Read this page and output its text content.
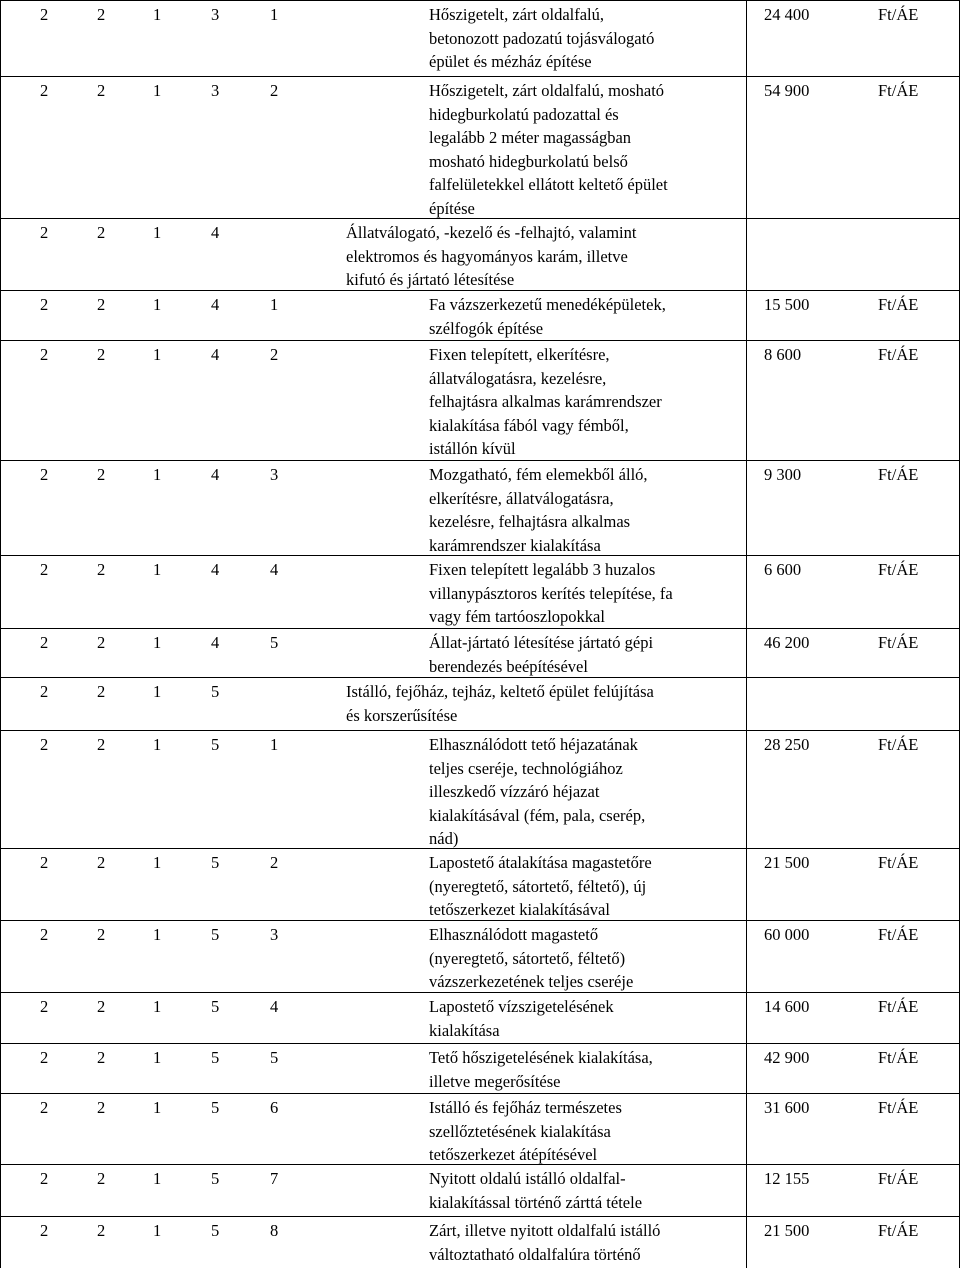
2	2	1	3	1	Hőszigetelt, zárt oldalfalú,
betonozott padozatú tojásválogató
épület és mézház építése
24 400	Ft/ÁE
2	2	1	3	2	Hőszigetelt, zárt oldalfalú, mosható
hidegburkolatú padozattal és
legalább 2 méter magasságban
mosható hidegburkolatú belső
falfelületekkel ellátott keltető épület
építése
54 900	Ft/ÁE
2	2	1	4	Állatválogató, -kezelő és -felhajtó, valamint
elektromos és hagyományos karám, illetve
kifutó és jártató létesítése
2	2	1	4	1	Fa vázszerkezetű menedéképületek,
szélfogók építése
15 500	Ft/ÁE
2	2	1	4	2	Fixen telepített, elkerítésre,
állatválogatásra, kezelésre,
felhajtásra alkalmas karámrendszer
kialakítása fából vagy fémből,
istállón kívül
8 600	Ft/ÁE
2	2	1	4	3	Mozgatható, fém elemekből álló,
elkerítésre, állatválogatásra,
kezelésre, felhajtásra alkalmas
karámrendszer kialakítása
9 300	Ft/ÁE
2	2	1	4	4	Fixen telepített legalább 3 huzalos
villanypásztoros kerítés telepítése, fa
vagy fém tartóoszlopokkal
6 600	Ft/ÁE
2	2	1	4	5	Állat-jártató létesítése jártató gépi
berendezés beépítésével
46 200	Ft/ÁE
2	2	1	5	Istálló, fejőház, tejház, keltető épület felújítása
és korszerűsítése
2	2	1	5	1	Elhasználódott tető héjazatának
teljes cseréje, technológiához
illeszkedő vízzáró héjazat
kialakításával (fém, pala, cserép,
nád)
28 250	Ft/ÁE
2	2	1	5	2	Lapostető átalakítása magastetőre
(nyeregtető, sátortető, féltető), új
tetőszerkezet kialakításával
21 500	Ft/ÁE
2	2	1	5	3	Elhasználódott magastető
(nyeregtető, sátortető, féltető)
vázszerkezetének teljes cseréje
60 000	Ft/ÁE
2	2	1	5	4	Lapostető vízszigetelésének
kialakítása
14 600	Ft/ÁE
2	2	1	5	5	Tető hőszigetelésének kialakítása,
illetve megerősítése
42 900	Ft/ÁE
2	2	1	5	6	Istálló és fejőház természetes
szellőztetésének kialakítása
tetőszerkezet átépítésével
31 600	Ft/ÁE
2	2	1	5	7	Nyitott oldalú istálló oldalfal-
kialakítással történő zárttá tétele
12 155	Ft/ÁE
2	2	1	5	8	Zárt, illetve nyitott oldalfalú istálló
változtatható oldalfalúra történő
21 500	Ft/ÁE
